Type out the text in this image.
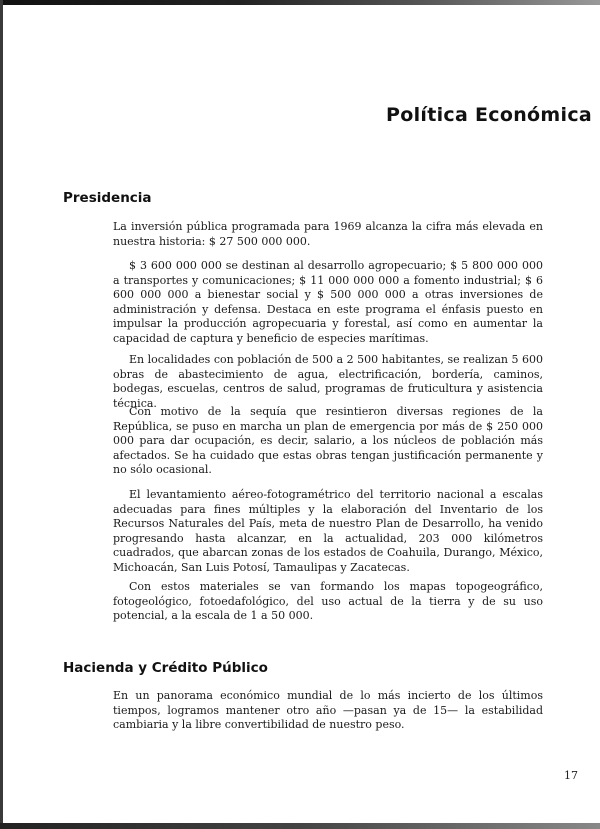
Política Económica
Presidencia

La inversión pública programada para 1969 alcanza la cifra más elevada en nuestra historia: $ 27 500 000 000.

$ 3 600 000 000 se destinan al desarrollo agropecuario; $ 5 800 000 000 a transportes y comunicaciones; $ 11 000 000 000 a fomento industrial; $ 6 600 000 000 a bienestar social y $ 500 000 000 a otras inversiones de administración y defensa. Destaca en este programa el énfasis puesto en impulsar la producción agropecuaria y forestal, así como en aumentar la capacidad de captura y beneficio de especies marítimas.

En localidades con población de 500 a 2 500 habitantes, se realizan 5 600 obras de abastecimiento de agua, electrificación, bordería, caminos, bodegas, escuelas, centros de salud, programas de fruticultura y asistencia técnica.

Con motivo de la sequía que resintieron diversas regiones de la República, se puso en marcha un plan de emergencia por más de $ 250 000 000 para dar ocupación, es decir, salario, a los núcleos de población más afectados. Se ha cuidado que estas obras tengan justificación permanente y no sólo ocasional.

El levantamiento aéreo-fotogramétrico del territorio nacional a escalas adecuadas para fines múltiples y la elaboración del Inventario de los Recursos Naturales del País, meta de nuestro Plan de Desarrollo, ha venido progresando hasta alcanzar, en la actualidad, 203 000 kilómetros cuadrados, que abarcan zonas de los estados de Coahuila, Durango, México, Michoacán, San Luis Potosí, Tamaulipas y Zacatecas.

Con estos materiales se van formando los mapas topogeográfico, fotogeológico, fotoedafológico, del uso actual de la tierra y de su uso potencial, a la escala de 1 a 50 000.

Hacienda y Crédito Público

En un panorama económico mundial de lo más incierto de los últimos tiempos, logramos mantener otro año —pasan ya de 15— la estabilidad cambiaria y la libre convertibilidad de nuestro peso.

17
